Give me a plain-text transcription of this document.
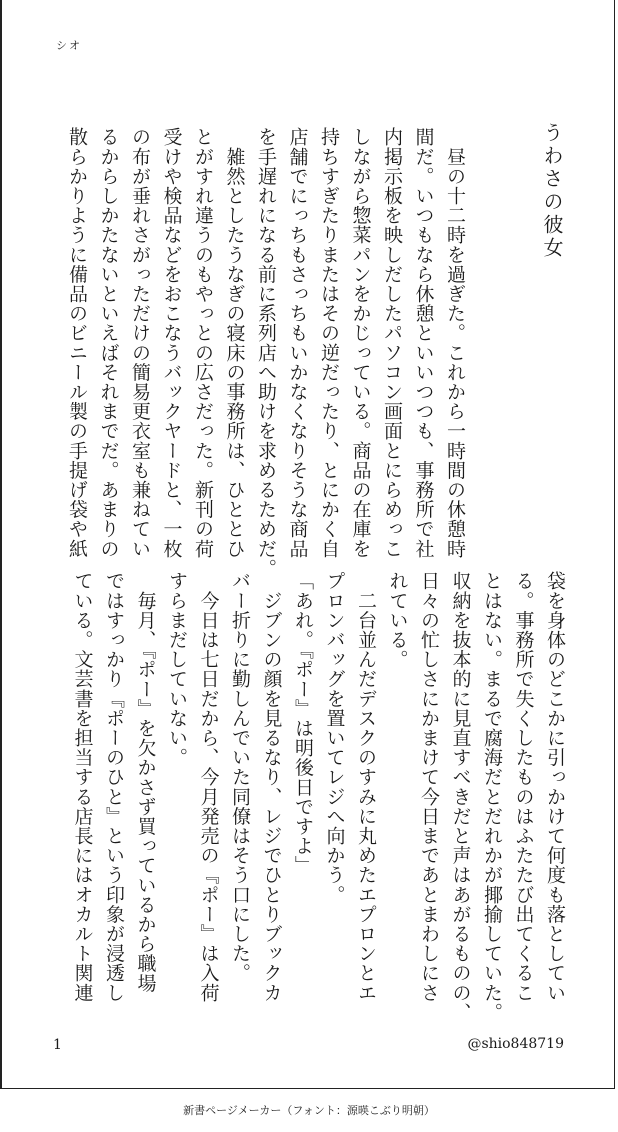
シオ
うわさの彼女
　昼の十二時を過ぎた。これから一時間の休憩時
間だ。いつもなら休憩といいつつも、事務所で社
内掲示板を映しだしたパソコン画面とにらめっこ
しながら惣菜パンをかじっている。商品の在庫を
持ちすぎたりまたはその逆だったり、とにかく自
店舗でにっちもさっちもいかなくなりそうな商品
を手遅れになる前に系列店へ助けを求めるためだ。
　雑然としたうなぎの寝床の事務所は、ひととひ
とがすれ違うのもやっとの広さだった。新刊の荷
受けや検品などをおこなうバックヤードと、一枚
の布が垂れさがっただけの簡易更衣室も兼ねてい
るからしかたないといえばそれまでだ。あまりの
散らかりように備品のビニール製の手提げ袋や紙
袋を身体のどこかに引っかけて何度も落としてい
る。事務所で失くしたものはふたたび出てくるこ
とはない。まるで腐海だとだれかが揶揄していた。
収納を抜本的に見直すべきだと声はあがるものの、
日々の忙しさにかまけて今日まであとまわしにさ
れている。
　二台並んだデスクのすみに丸めたエプロンとエ
プロンバッグを置いてレジへ向かう。
「あれ。『ポー』は明後日ですよ」
　ジブンの顔を見るなり、レジでひとりブックカ
バー折りに勤しんでいた同僚はそう口にした。
　今日は七日だから、今月発売の『ポー』は入荷
すらまだしていない。
　毎月、『ポー』を欠かさず買っているから職場
ではすっかり『ポーのひと』という印象が浸透し
ている。文芸書を担当する店長にはオカルト関連
1	@shio848719
新書ページメーカー（フォント：源暎こぶり明朝）
